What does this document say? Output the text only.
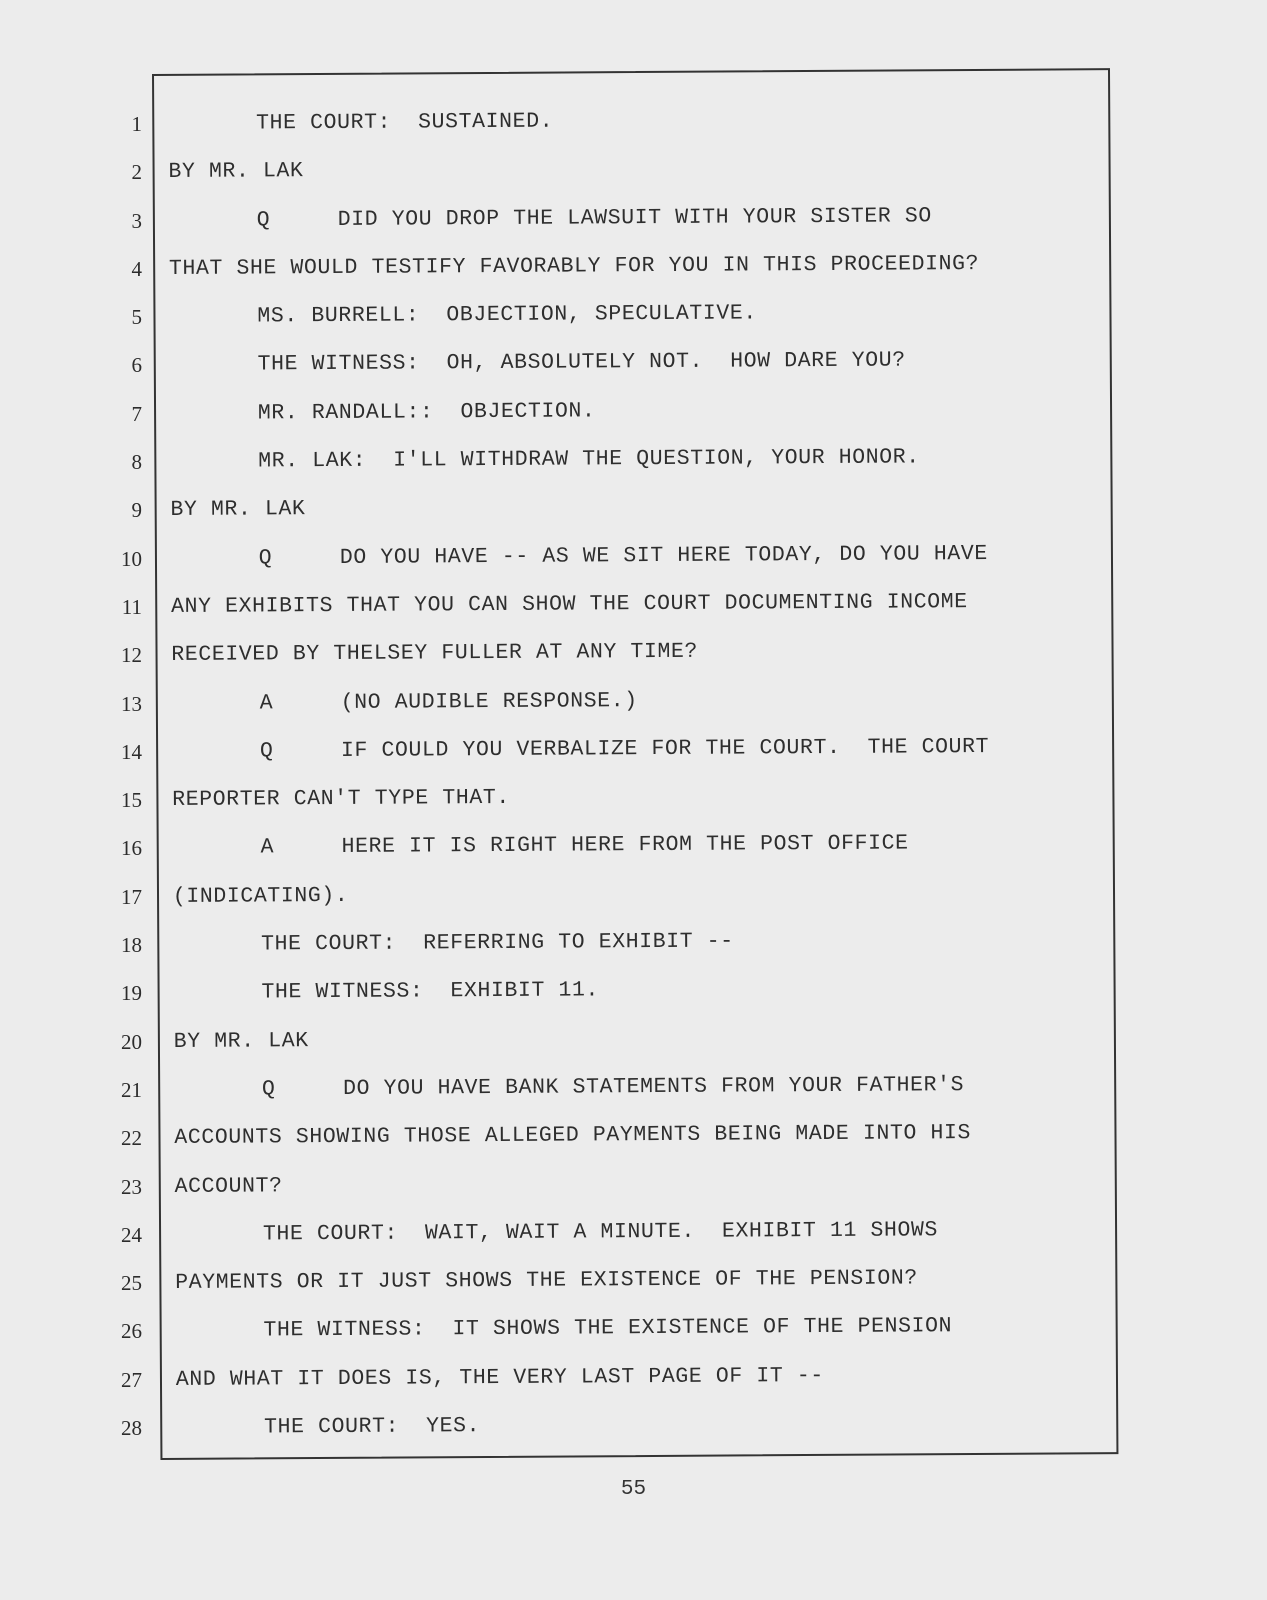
1
2
3
4
5
6
7
8
9
10
11
12
13
14
15
16
17
18
19
20
21
22
23
24
25
26
27
28
THE COURT:  SUSTAINED.
BY MR. LAK
Q     DID YOU DROP THE LAWSUIT WITH YOUR SISTER SO
THAT SHE WOULD TESTIFY FAVORABLY FOR YOU IN THIS PROCEEDING?
MS. BURRELL:  OBJECTION, SPECULATIVE.
THE WITNESS:  OH, ABSOLUTELY NOT.  HOW DARE YOU?
MR. RANDALL::  OBJECTION.
MR. LAK:  I'LL WITHDRAW THE QUESTION, YOUR HONOR.
BY MR. LAK
Q     DO YOU HAVE -- AS WE SIT HERE TODAY, DO YOU HAVE
ANY EXHIBITS THAT YOU CAN SHOW THE COURT DOCUMENTING INCOME
RECEIVED BY THELSEY FULLER AT ANY TIME?
A     (NO AUDIBLE RESPONSE.)
Q     IF COULD YOU VERBALIZE FOR THE COURT.  THE COURT
REPORTER CAN'T TYPE THAT.
A     HERE IT IS RIGHT HERE FROM THE POST OFFICE
(INDICATING).
THE COURT:  REFERRING TO EXHIBIT --
THE WITNESS:  EXHIBIT 11.
BY MR. LAK
Q     DO YOU HAVE BANK STATEMENTS FROM YOUR FATHER'S
ACCOUNTS SHOWING THOSE ALLEGED PAYMENTS BEING MADE INTO HIS
ACCOUNT?
THE COURT:  WAIT, WAIT A MINUTE.  EXHIBIT 11 SHOWS
PAYMENTS OR IT JUST SHOWS THE EXISTENCE OF THE PENSION?
THE WITNESS:  IT SHOWS THE EXISTENCE OF THE PENSION
AND WHAT IT DOES IS, THE VERY LAST PAGE OF IT --
THE COURT:  YES.
55
